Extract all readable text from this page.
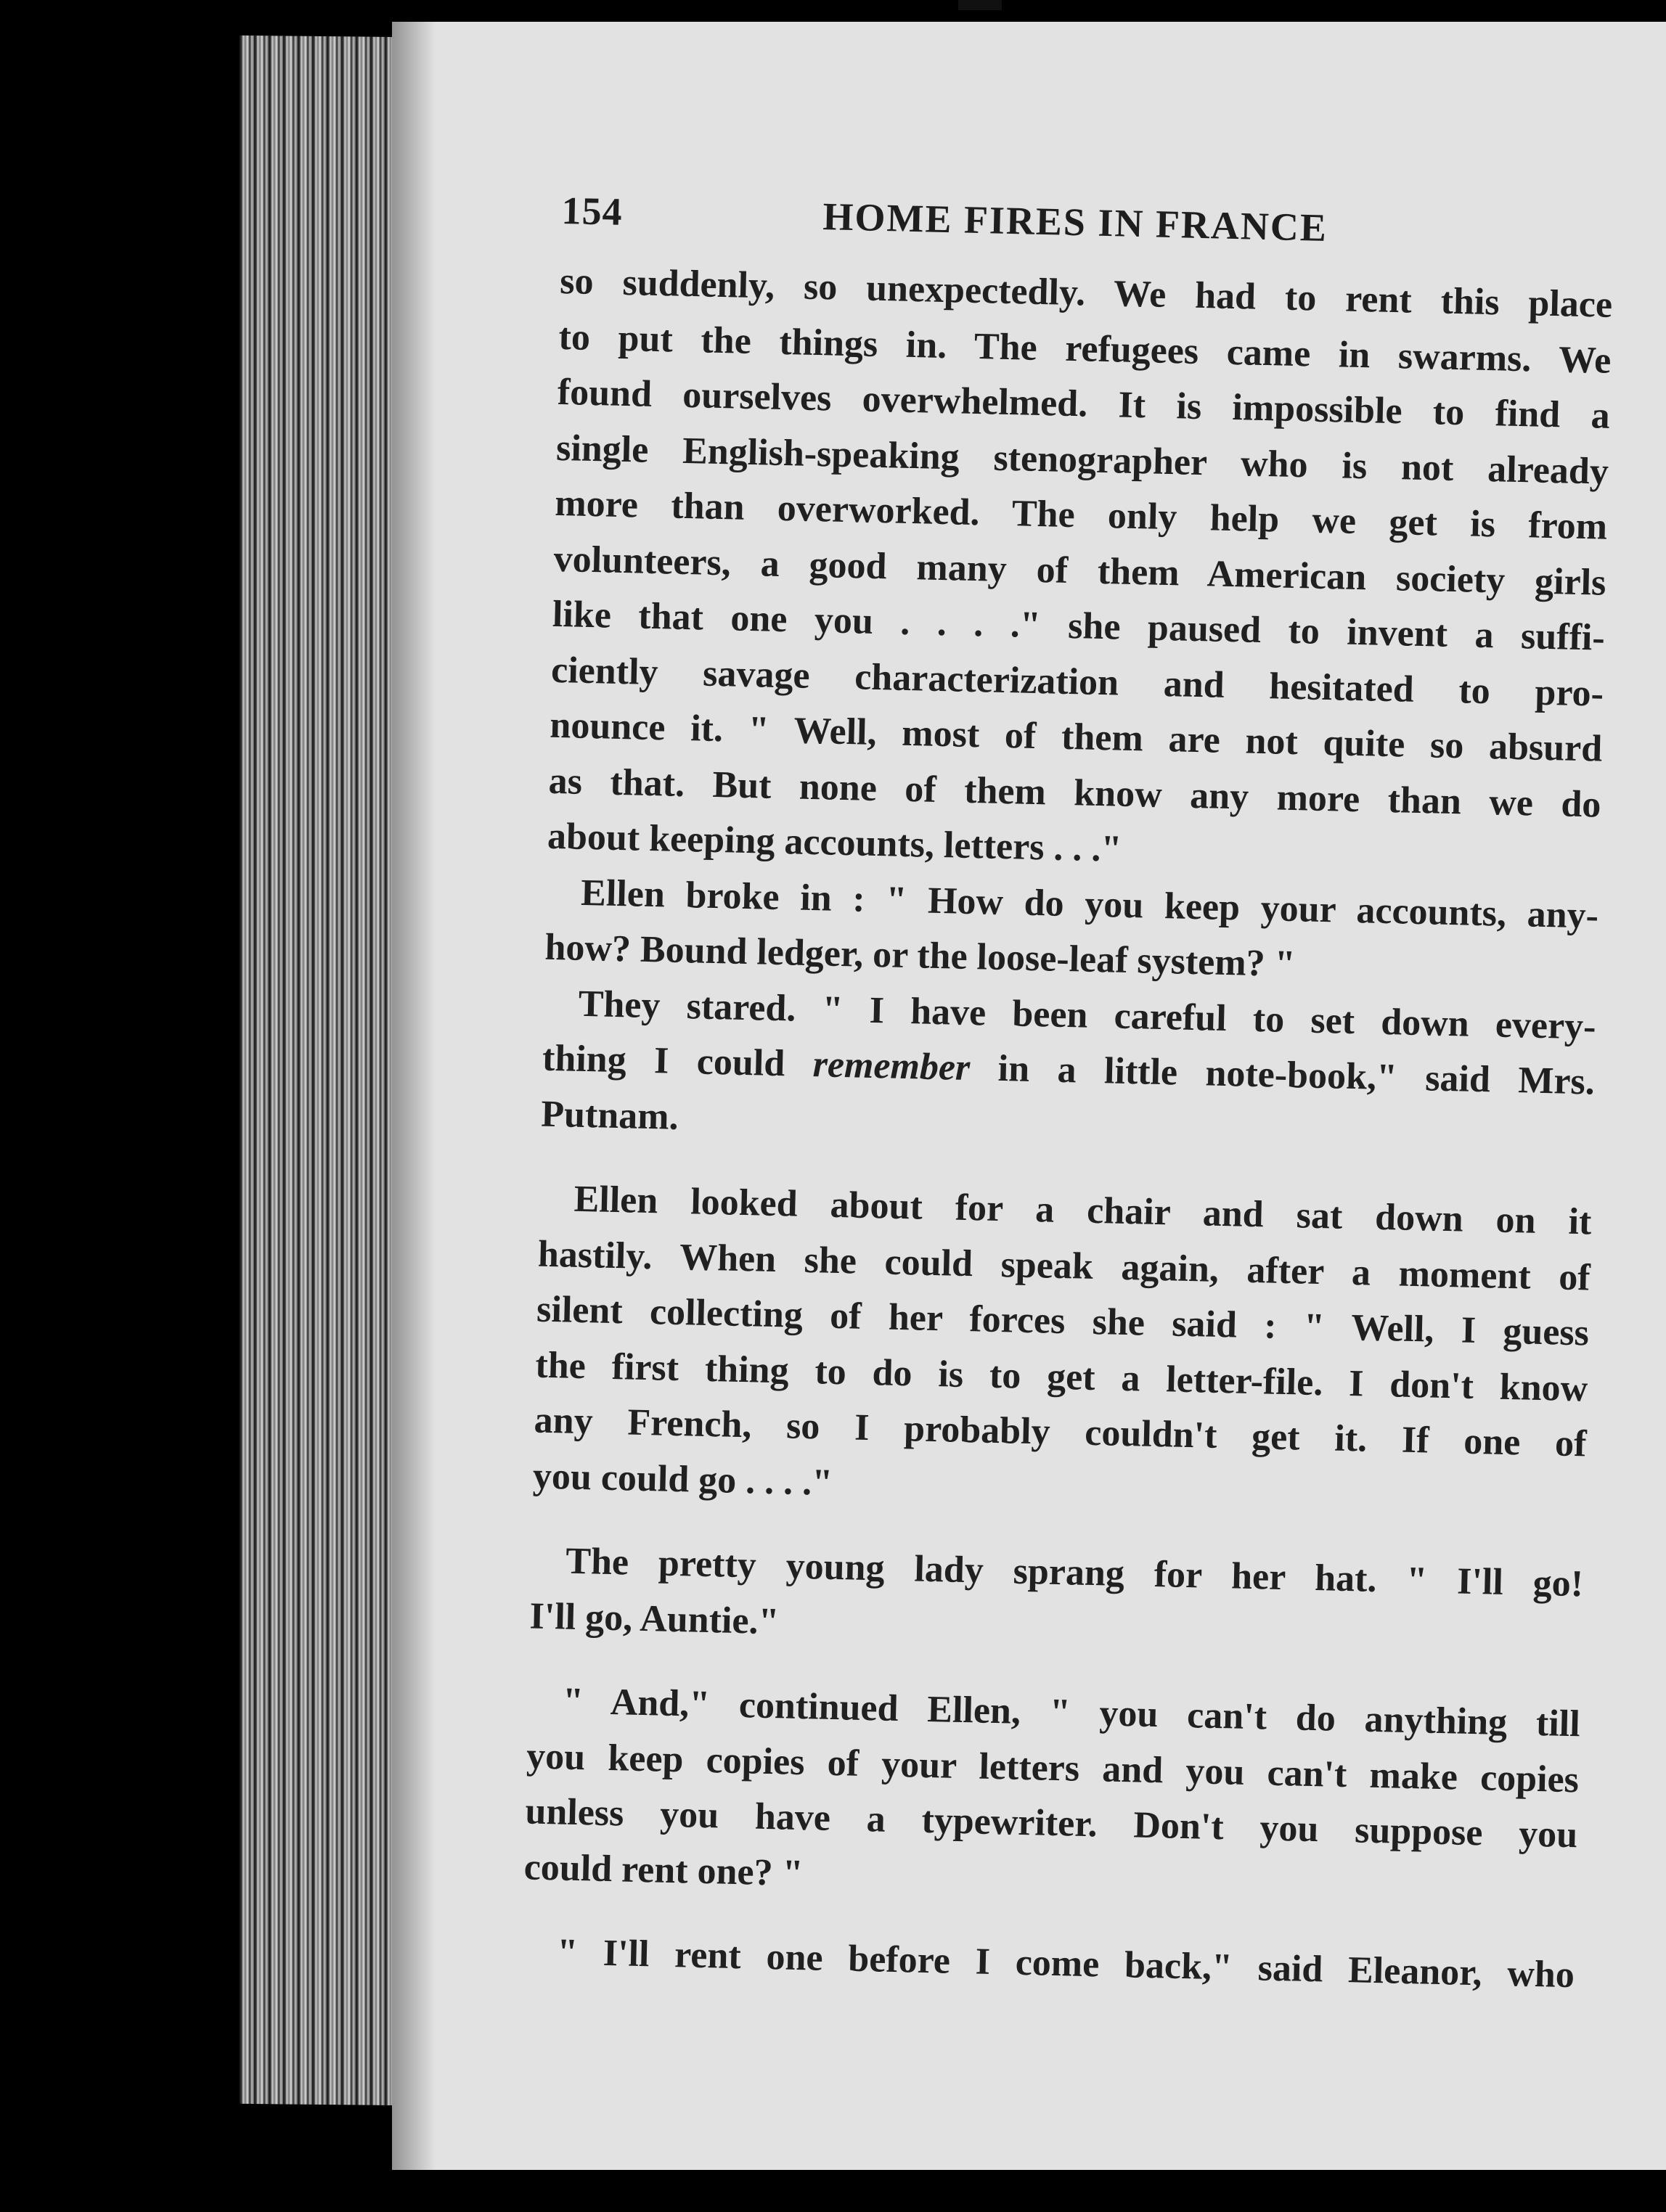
154	HOME FIRES IN FRANCE
so suddenly, so unexpectedly. We had to rent this place
to put the things in. The refugees came in swarms. We
found ourselves overwhelmed. It is impossible to find a
single English-speaking stenographer who is not already
more than overworked. The only help we get is from
volunteers, a good many of them American society girls
like that one you . . . ." she paused to invent a suffi-
ciently savage characterization and hesitated to pro-
nounce it. " Well, most of them are not quite so absurd
as that. But none of them know any more than we do
about keeping accounts, letters . . ."
Ellen broke in : " How do you keep your accounts, any-
how? Bound ledger, or the loose-leaf system? "
They stared. " I have been careful to set down every-
thing I could remember in a little note-book," said Mrs.
Putnam.
Ellen looked about for a chair and sat down on it
hastily. When she could speak again, after a moment of
silent collecting of her forces she said : " Well, I guess
the first thing to do is to get a letter-file. I don't know
any French, so I probably couldn't get it. If one of
you could go . . . ."
The pretty young lady sprang for her hat. " I'll go!
I'll go, Auntie."
" And," continued Ellen, " you can't do anything till
you keep copies of your letters and you can't make copies
unless you have a typewriter. Don't you suppose you
could rent one? "
" I'll rent one before I come back," said Eleanor, who
